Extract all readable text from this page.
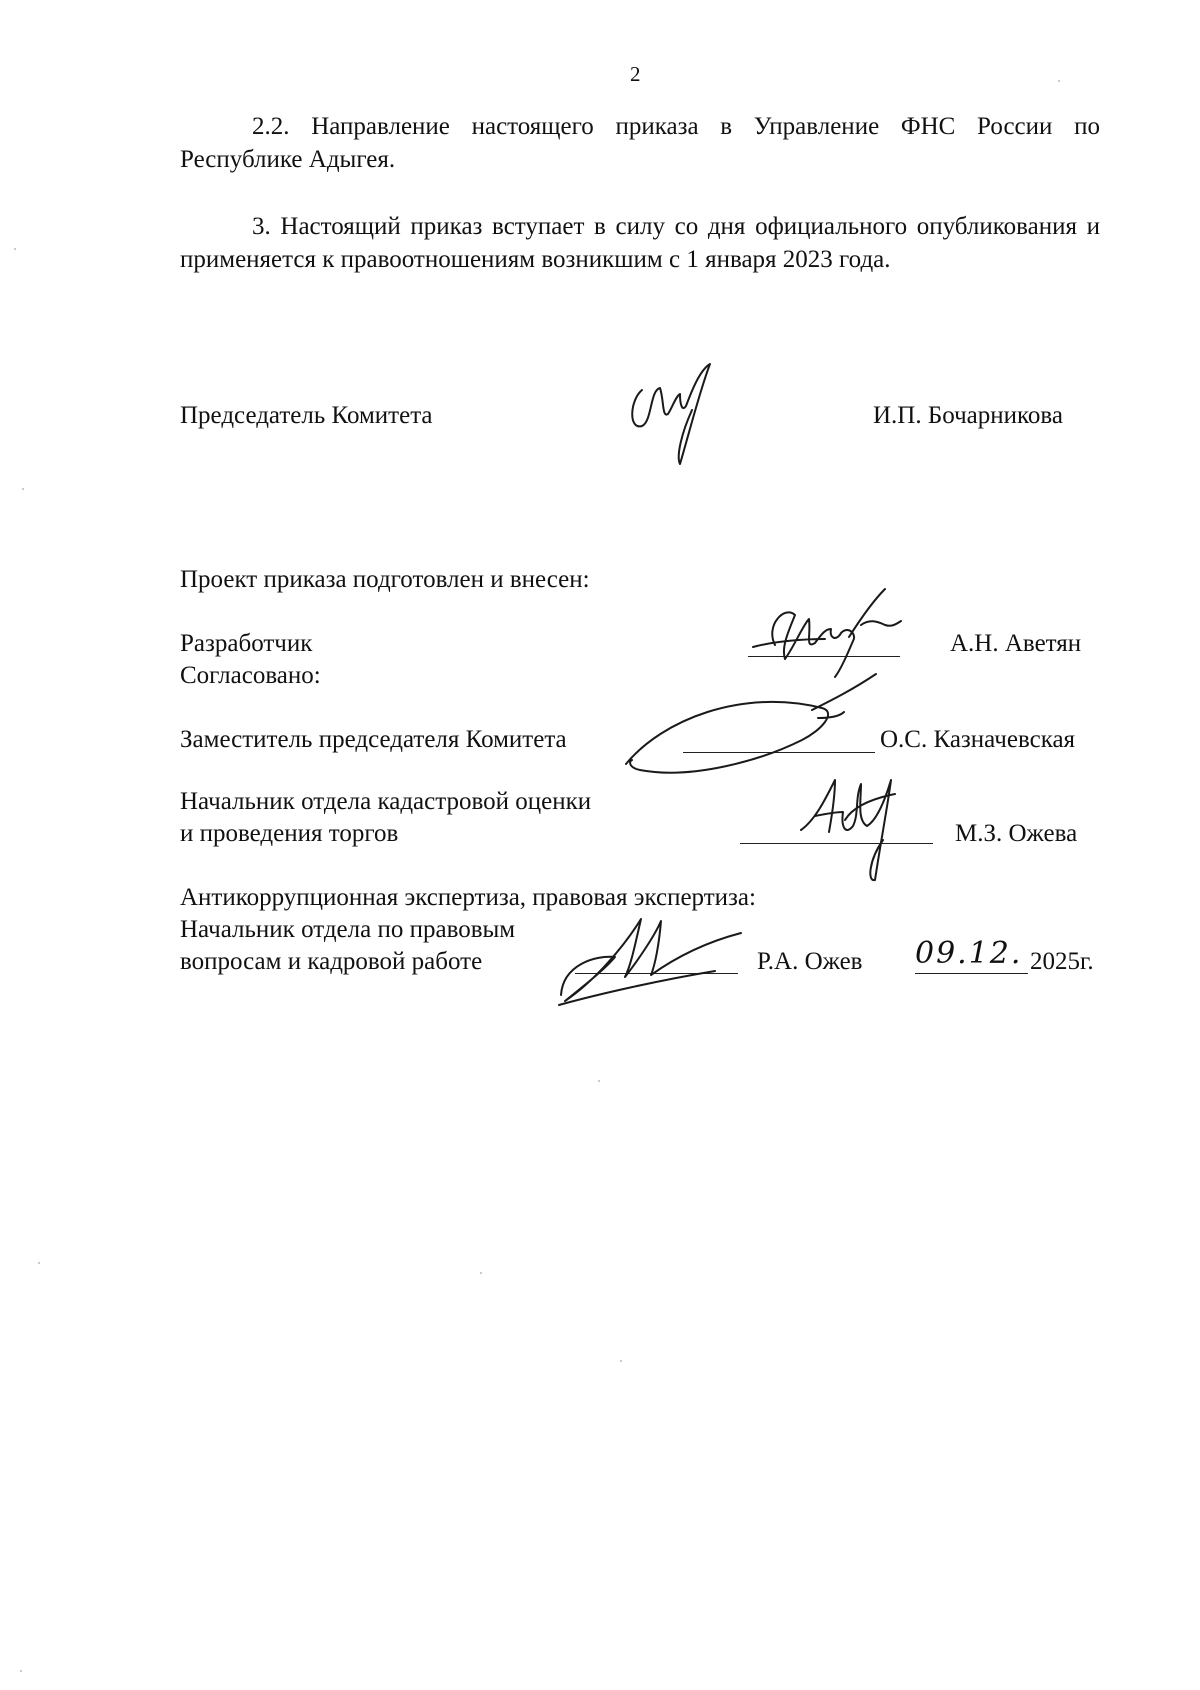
2
2.2. Направление настоящего приказа в Управление ФНС России по Республике Адыгея.
3. Настоящий приказ вступает в силу со дня официального опубликования и применяется к правоотношениям возникшим с 1 января 2023 года.
Председатель Комитета	И.П. Бочарникова
Проект приказа подготовлен и внесен:
Разработчик	А.Н. Аветян
Согласовано:
Заместитель председателя Комитета	О.С. Казначевская
Начальник отдела кадастровой оценки
и проведения торгов	М.З. Ожева
Антикоррупционная экспертиза, правовая экспертиза:
Начальник отдела по правовым
вопросам и кадровой работе	Р.А. Ожев 09.12. 2025г.
